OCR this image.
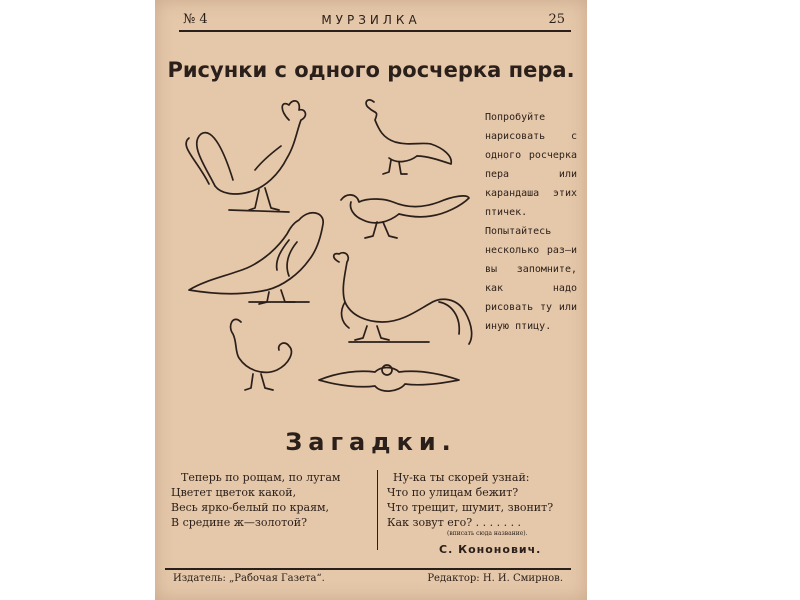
№ 4	МУРЗИЛКА	25
Рисунки с одного росчерка пера.
Попробуйте нарисовать с одного росчерка пера или карандаша этих птичек. Попытайтесь несколько раз—и вы запомните, как надо рисовать ту или иную птицу.
Загадки.
Теперь по рощам, по лугам
Цветет цветок какой,
Весь ярко-белый по краям,
В средине ж—золотой?
Ну-ка ты скорей узнай:
Что по улицам бежит?
Что трещит, шумит, звонит?
Как зовут его? . . . . . . .
(вписать сюда название).
С. Кононович.
Издатель: „Рабочая Газета“.	Редактор: Н. И. Смирнов.
